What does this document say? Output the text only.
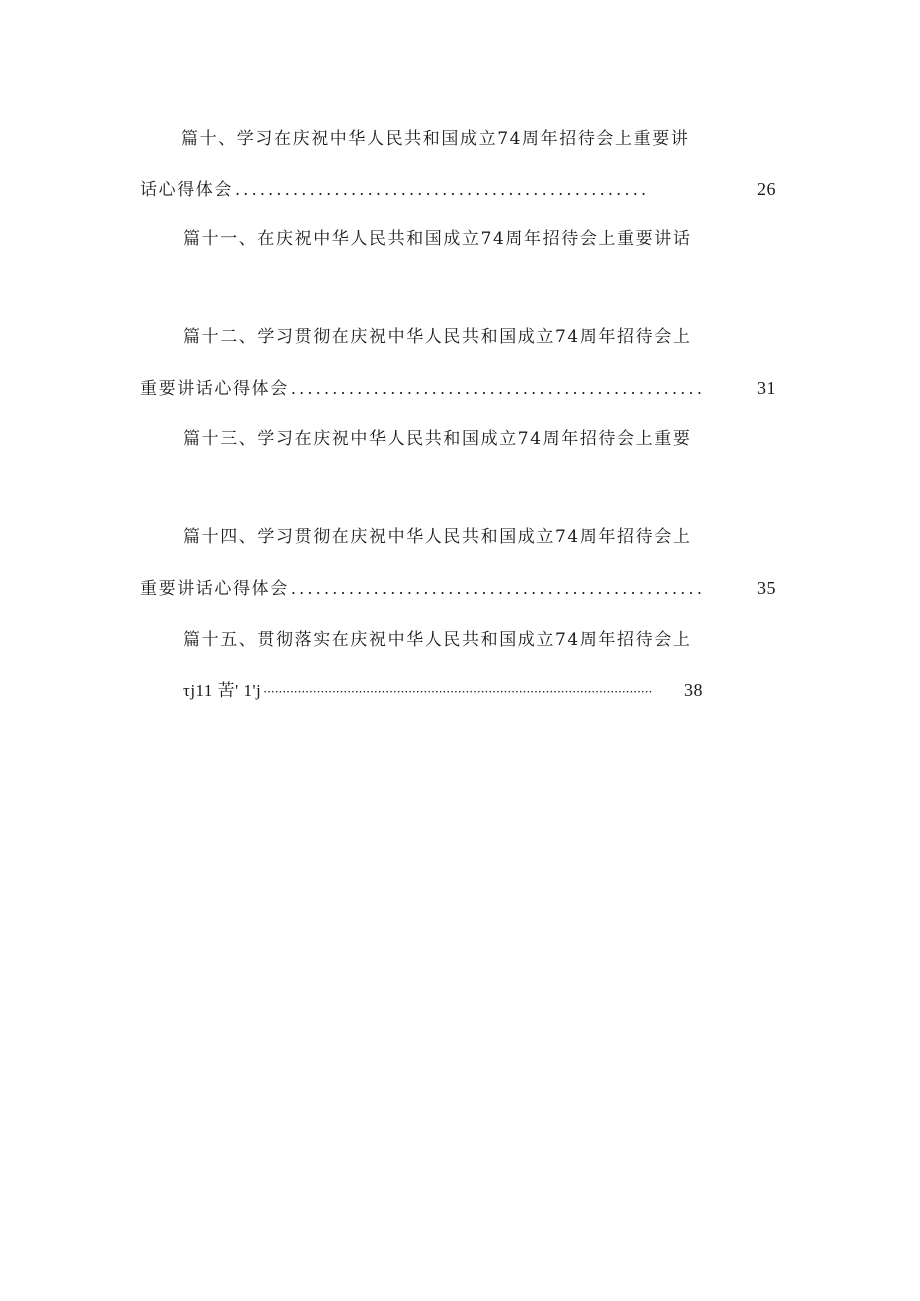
篇十、学习在庆祝中华人民共和国成立74周年招待会上重要讲
话心得体会 ..................................................	26
篇十一、在庆祝中华人民共和国成立74周年招待会上重要讲话
篇十二、学习贯彻在庆祝中华人民共和国成立74周年招待会上
重要讲话心得体会 ..................................................	31
篇十三、学习在庆祝中华人民共和国成立74周年招待会上重要
篇十四、学习贯彻在庆祝中华人民共和国成立74周年招待会上
重要讲话心得体会 ..................................................	35
篇十五、贯彻落实在庆祝中华人民共和国成立74周年招待会上
τj11 苦' 1'j ······································································································	38
